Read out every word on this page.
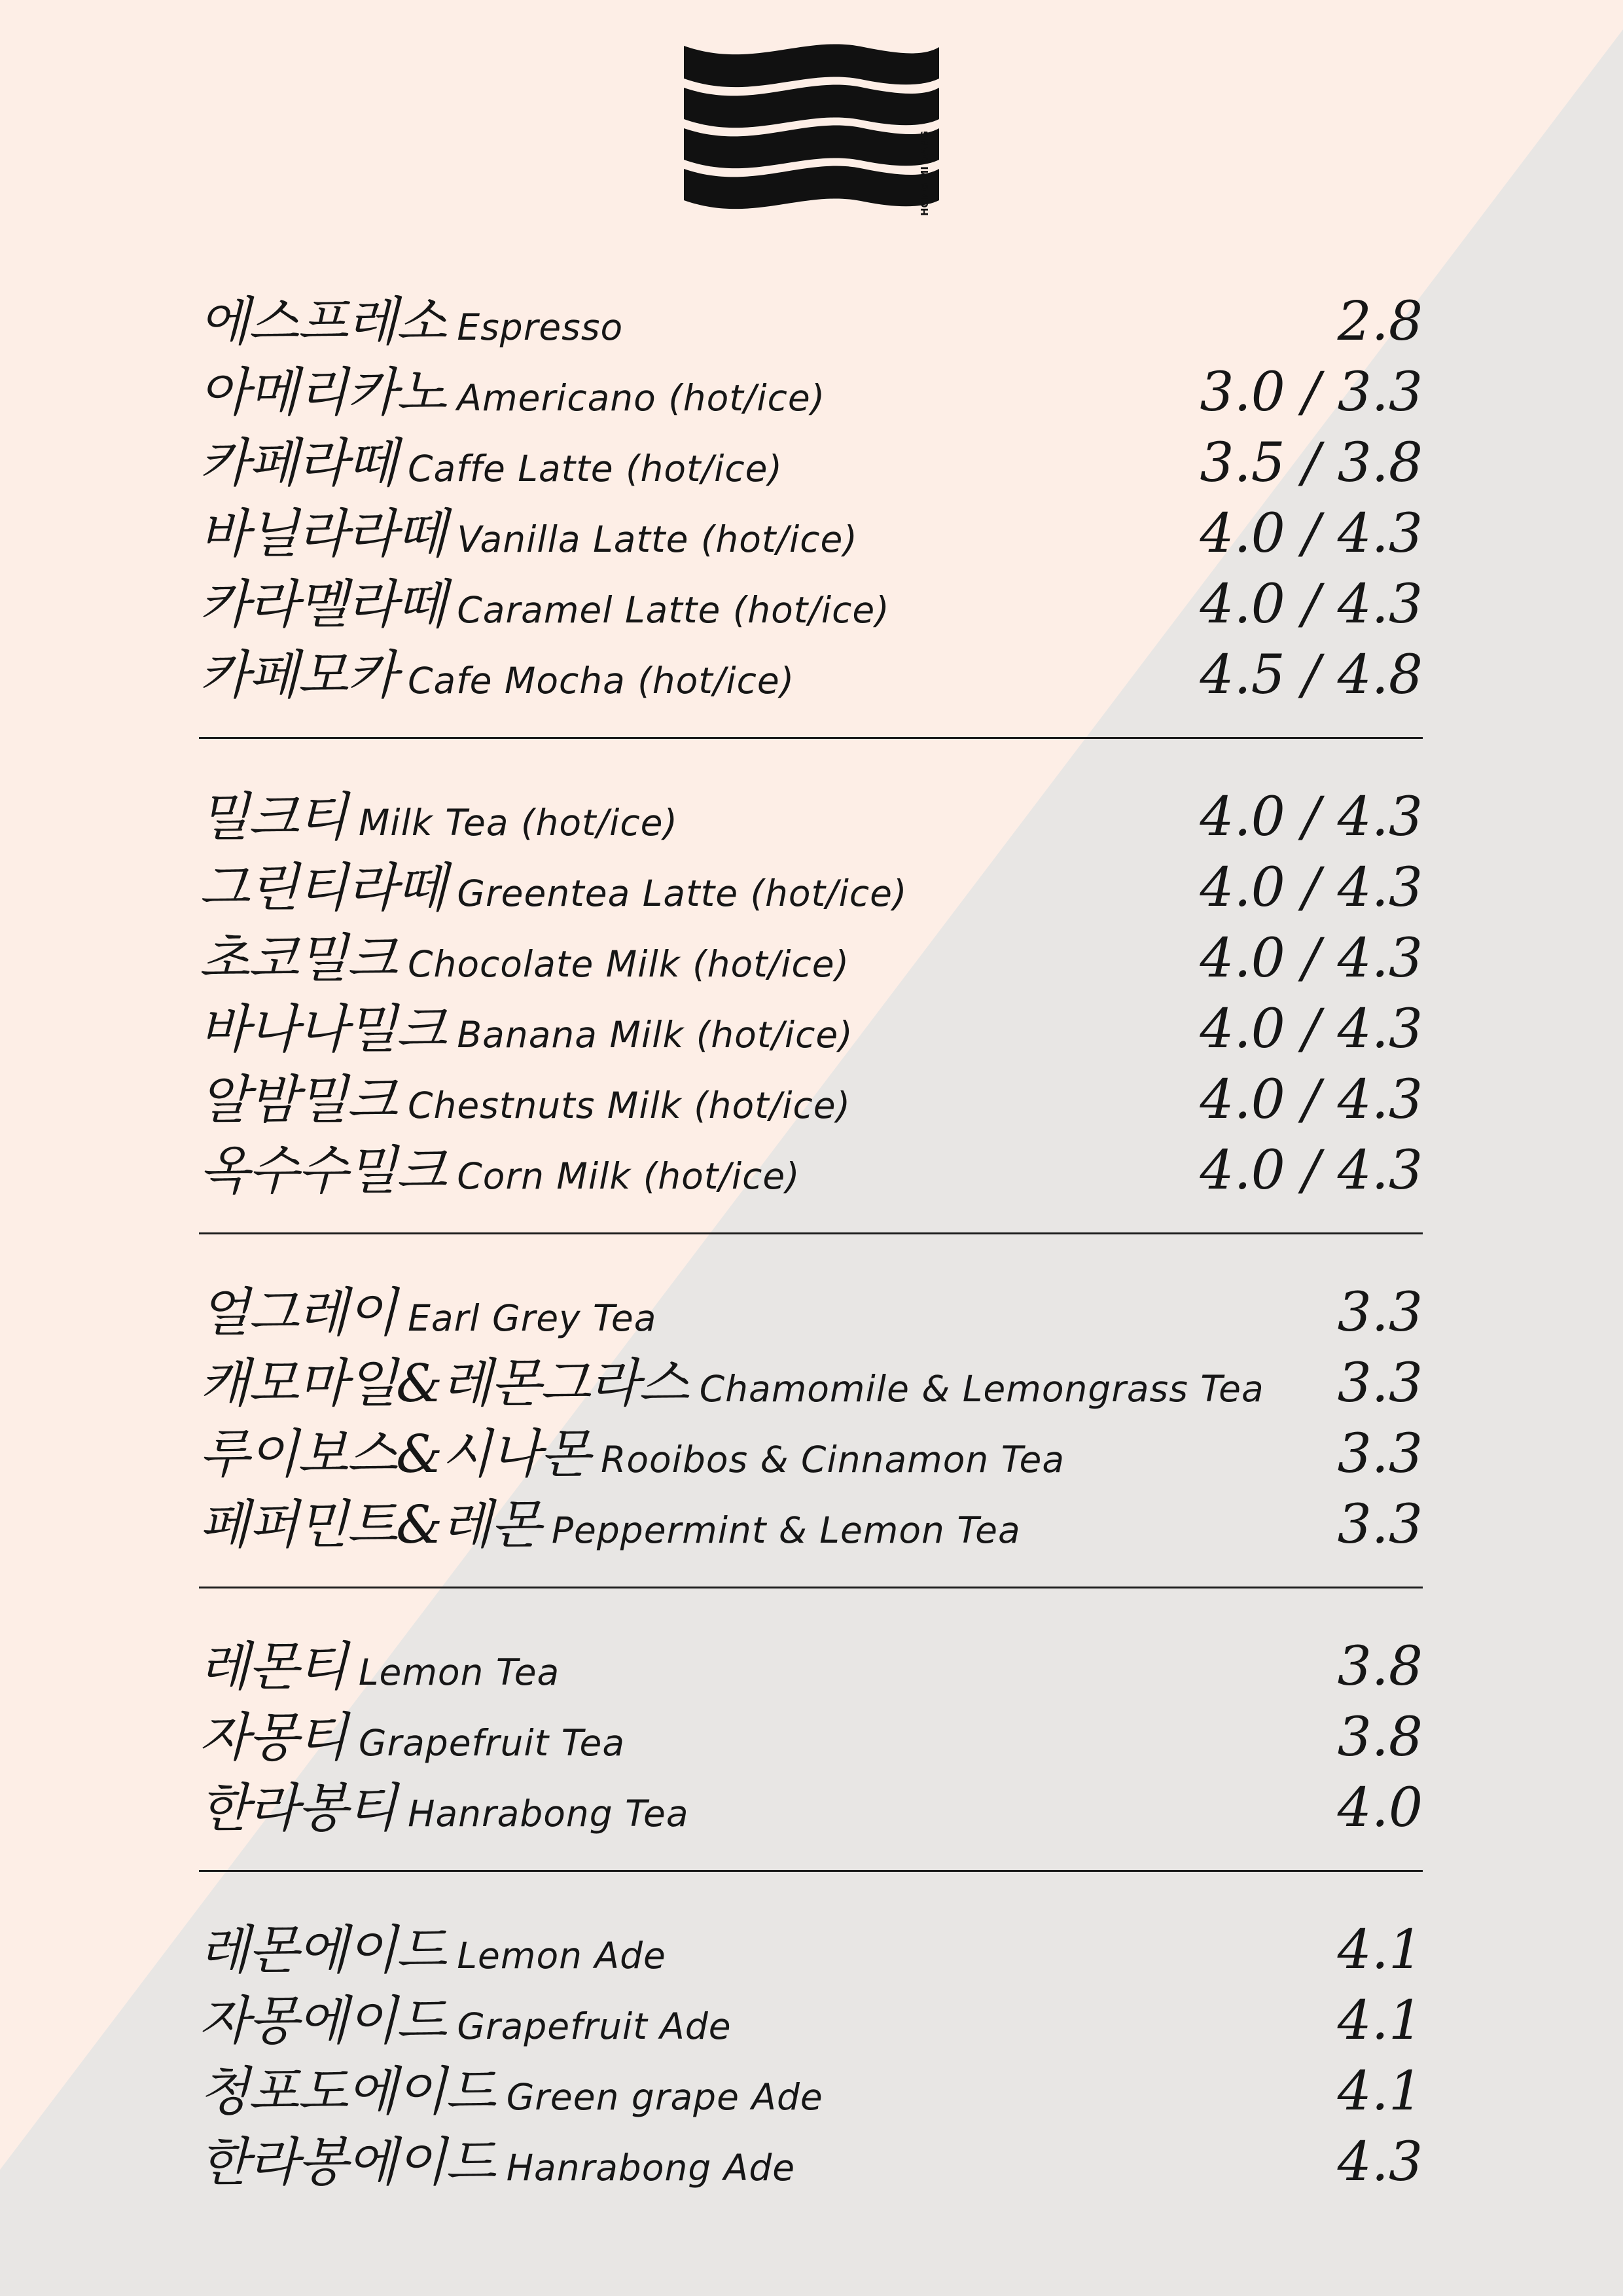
HONG MI DANG
에스프레소 Espresso	2.8
아메리카노 Americano (hot/ice)	3.0 / 3.3
카페라떼 Caffe Latte (hot/ice)	3.5 / 3.8
바닐라라떼 Vanilla Latte (hot/ice)	4.0 / 4.3
카라멜라떼 Caramel Latte (hot/ice)	4.0 / 4.3
카페모카 Cafe Mocha (hot/ice)	4.5 / 4.8
밀크티 Milk Tea (hot/ice)	4.0 / 4.3
그린티라떼 Greentea Latte (hot/ice)	4.0 / 4.3
초코밀크 Chocolate Milk (hot/ice)	4.0 / 4.3
바나나밀크 Banana Milk (hot/ice)	4.0 / 4.3
알밤밀크 Chestnuts Milk (hot/ice)	4.0 / 4.3
옥수수밀크 Corn Milk (hot/ice)	4.0 / 4.3
얼그레이 Earl Grey Tea	3.3
캐모마일&레몬그라스 Chamomile & Lemongrass Tea 3.3
루이보스&시나몬 Rooibos & Cinnamon Tea	3.3
페퍼민트&레몬 Peppermint & Lemon Tea	3.3
레몬티 Lemon Tea	3.8
자몽티 Grapefruit Tea	3.8
한라봉티 Hanrabong Tea	4.0
레몬에이드 Lemon Ade	4.1
자몽에이드 Grapefruit Ade	4.1
청포도에이드 Green grape Ade	4.1
한라봉에이드 Hanrabong Ade	4.3
